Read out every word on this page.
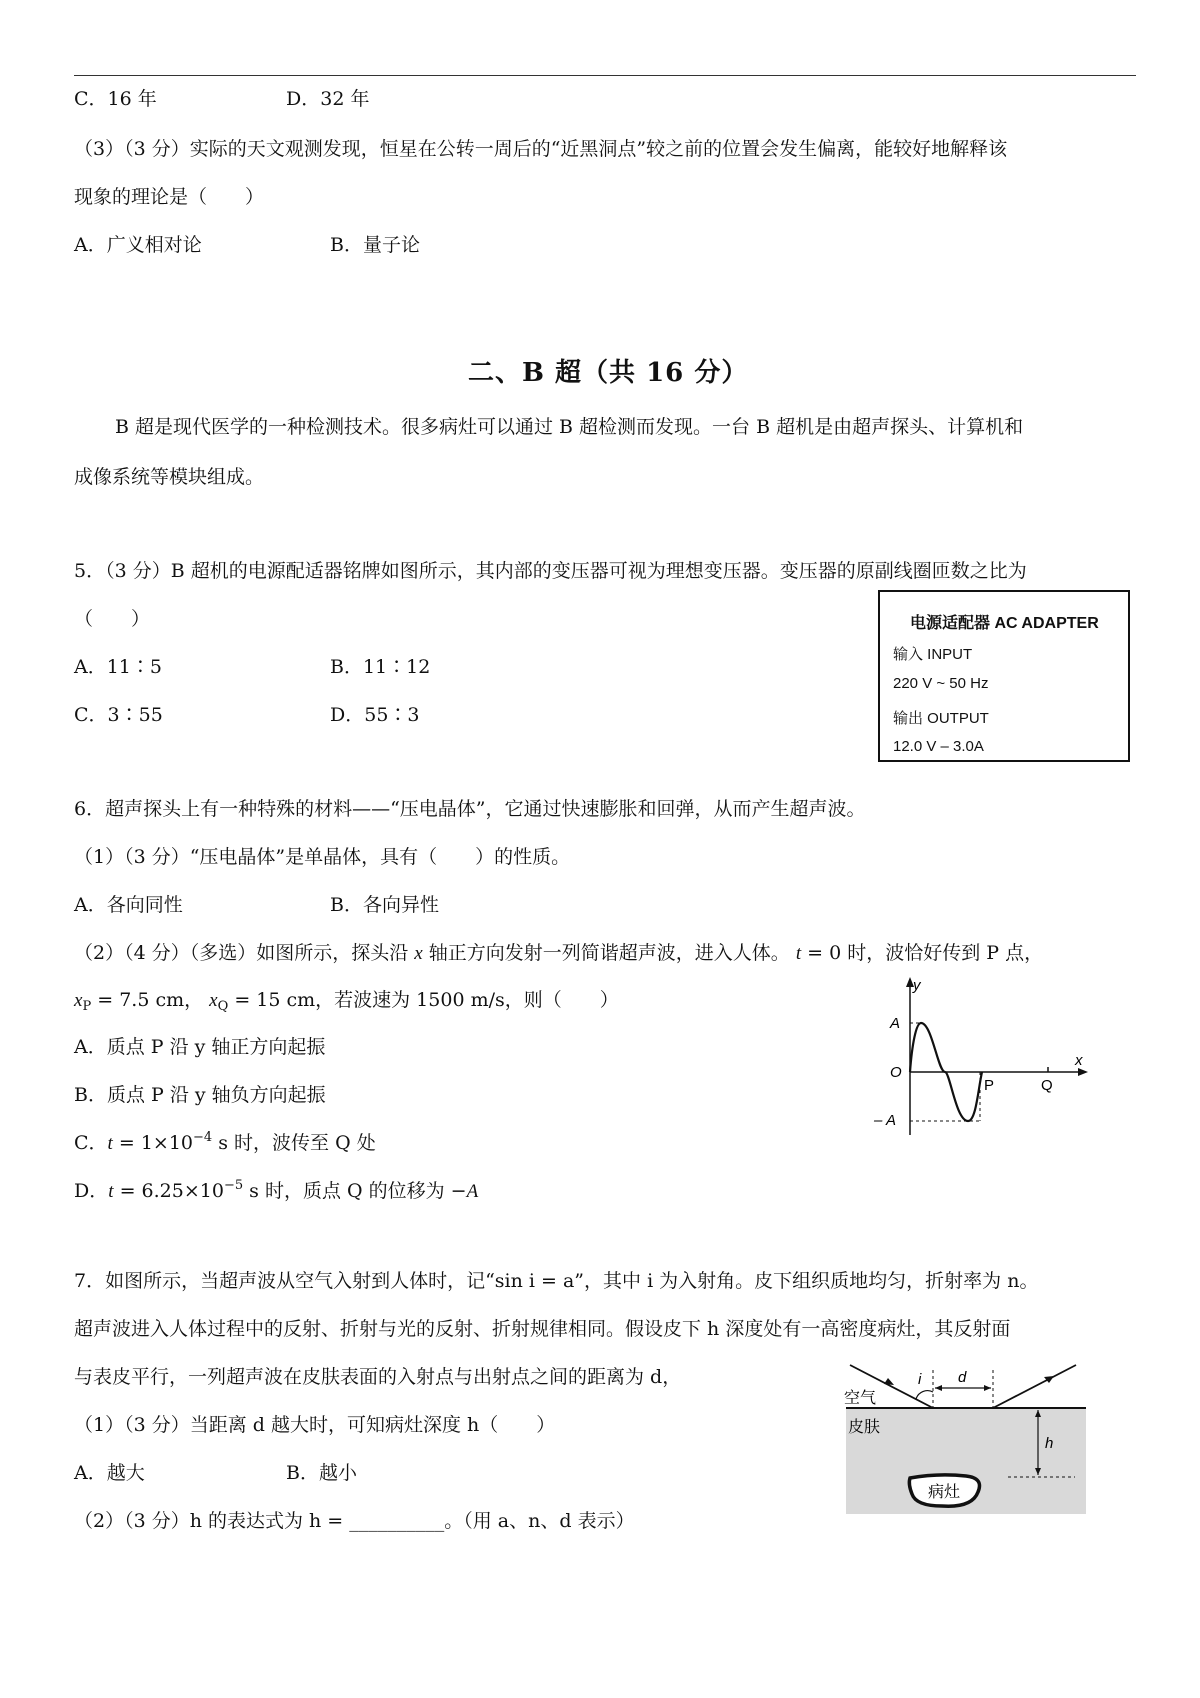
C．16 年	D．32 年
（3）（3 分）实际的天文观测发现，恒星在公转一周后的“近黑洞点”较之前的位置会发生偏离，能较好地解释该
现象的理论是（　　）
A．广义相对论	B．量子论
二、B 超（共 16 分）
B 超是现代医学的一种检测技术。很多病灶可以通过 B 超检测而发现。一台 B 超机是由超声探头、计算机和
成像系统等模块组成。
5．（3 分）B 超机的电源配适器铭牌如图所示，其内部的变压器可视为理想变压器。变压器的原副线圈匝数之比为
（　　）
A．11∶5	B．11∶12
C．3∶55	D．55∶3
电源适配器 AC ADAPTER
输入 INPUT
220 V ~ 50 Hz
输出 OUTPUT
12.0 V – 3.0A
6．超声探头上有一种特殊的材料——“压电晶体”，它通过快速膨胀和回弹，从而产生超声波。
（1）（3 分）“压电晶体”是单晶体，具有（　　）的性质。
A．各向同性	B．各向异性
（2）（4 分）（多选）如图所示，探头沿 x 轴正方向发射一列简谐超声波，进入人体。 t = 0 时，波恰好传到 P 点，
$x_P = 7.5$ cm， $x_Q = 15$ cm，若波速为 1500 m/s，则（　　）
A．质点 P 沿 y 轴正方向起振
B．质点 P 沿 y 轴负方向起振
C．$t = 1\times 10^{-4}$ s 时，波传至 Q 处
D．$t = 6.25\times 10^{-5}$ s 时，质点 Q 的位移为 −A
y
x
A
– A
O
P	Q
7．如图所示，当超声波从空气入射到人体时，记“sin i = a”，其中 i 为入射角。皮下组织质地均匀，折射率为 n。
超声波进入人体过程中的反射、折射与光的反射、折射规律相同。假设皮下 h 深度处有一高密度病灶，其反射面
与表皮平行，一列超声波在皮肤表面的入射点与出射点之间的距离为 d，
（1）（3 分）当距离 d 越大时，可知病灶深度 h（　　）
A．越大	B．越小
（2）（3 分）h 的表达式为 h = __________。（用 a、n、d 表示）
空气
皮肤
病灶
i d
h
